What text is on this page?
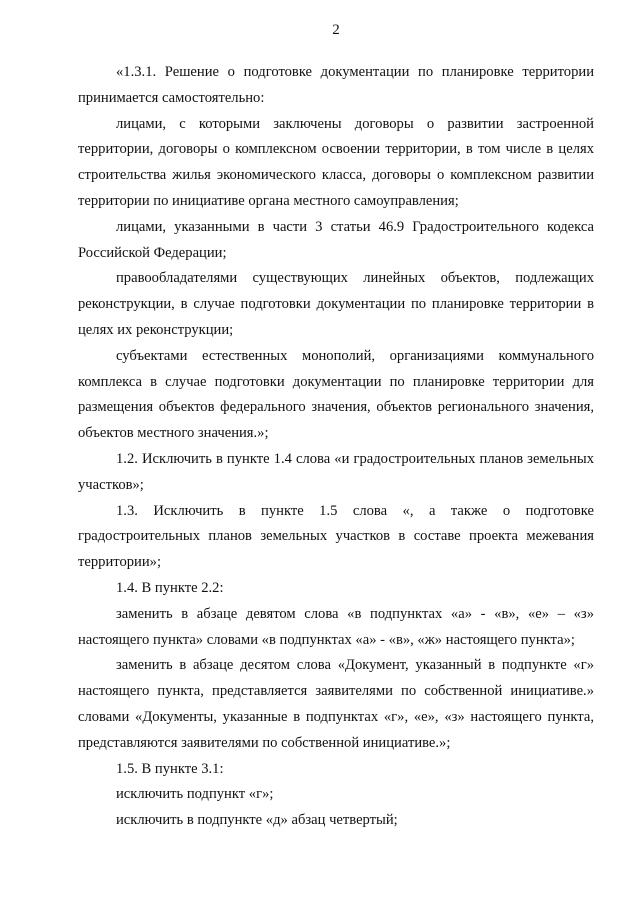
2

«1.3.1. Решение о подготовке документации по планировке территории принимается самостоятельно:

лицами, с которыми заключены договоры о развитии застроенной территории, договоры о комплексном освоении территории, в том числе в целях строительства жилья экономического класса, договоры о комплексном развитии территории по инициативе органа местного самоуправления;

лицами, указанными в части 3 статьи 46.9 Градостроительного кодекса Российской Федерации;

правообладателями существующих линейных объектов, подлежащих реконструкции, в случае подготовки документации по планировке территории в целях их реконструкции;

субъектами естественных монополий, организациями коммунального комплекса в случае подготовки документации по планировке территории для размещения объектов федерального значения, объектов регионального значения, объектов местного значения.»;

1.2. Исключить в пункте 1.4 слова «и градостроительных планов земельных участков»;

1.3. Исключить в пункте 1.5 слова «, а также о подготовке градостроительных планов земельных участков в составе проекта межевания территории»;

1.4. В пункте 2.2:

заменить в абзаце девятом слова «в подпунктах «а» - «в», «е» – «з» настоящего пункта» словами «в подпунктах «а» - «в», «ж» настоящего пункта»;

заменить в абзаце десятом слова «Документ, указанный в подпункте «г» настоящего пункта, представляется заявителями по собственной инициативе.» словами «Документы, указанные в подпунктах «г», «е», «з» настоящего пункта, представляются заявителями по собственной инициативе.»;

1.5. В пункте 3.1:

исключить подпункт «г»;

исключить в подпункте «д» абзац четвертый;
